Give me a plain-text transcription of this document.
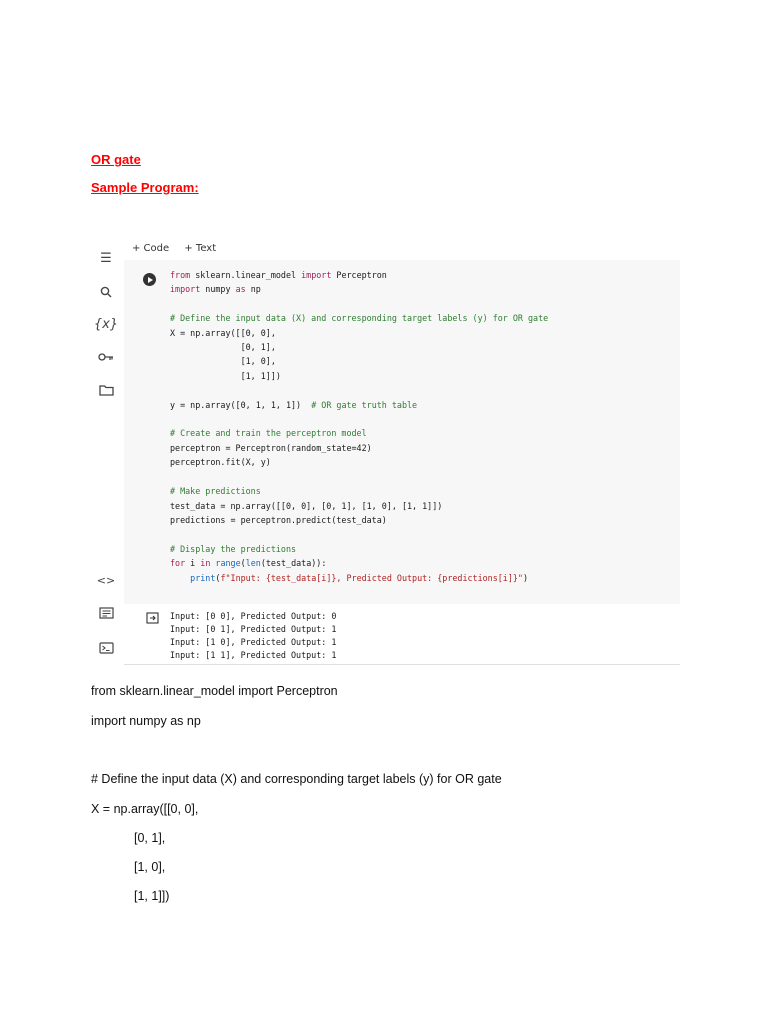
OR gate
Sample Program:
☰
{x}
<>
+ Code + Text
from sklearn.linear_model import Perceptron
import numpy as np

# Define the input data (X) and corresponding target labels (y) for OR gate
X = np.array([[0, 0],
[0, 1],
[1, 0],
[1, 1]])

y = np.array([0, 1, 1, 1])  # OR gate truth table

# Create and train the perceptron model
perceptron = Perceptron(random_state=42)
perceptron.fit(X, y)

# Make predictions
test_data = np.array([[0, 0], [0, 1], [1, 0], [1, 1]])
predictions = perceptron.predict(test_data)

# Display the predictions
for i in range(len(test_data)):
print(f"Input: {test_data[i]}, Predicted Output: {predictions[i]}")

Input: [0 0], Predicted Output: 0
Input: [0 1], Predicted Output: 1
Input: [1 0], Predicted Output: 1
Input: [1 1], Predicted Output: 1

from sklearn.linear_model import Perceptron
import numpy as np
# Define the input data (X) and corresponding target labels (y) for OR gate
X = np.array([[0, 0],
[0, 1],
[1, 0],
[1, 1]])
